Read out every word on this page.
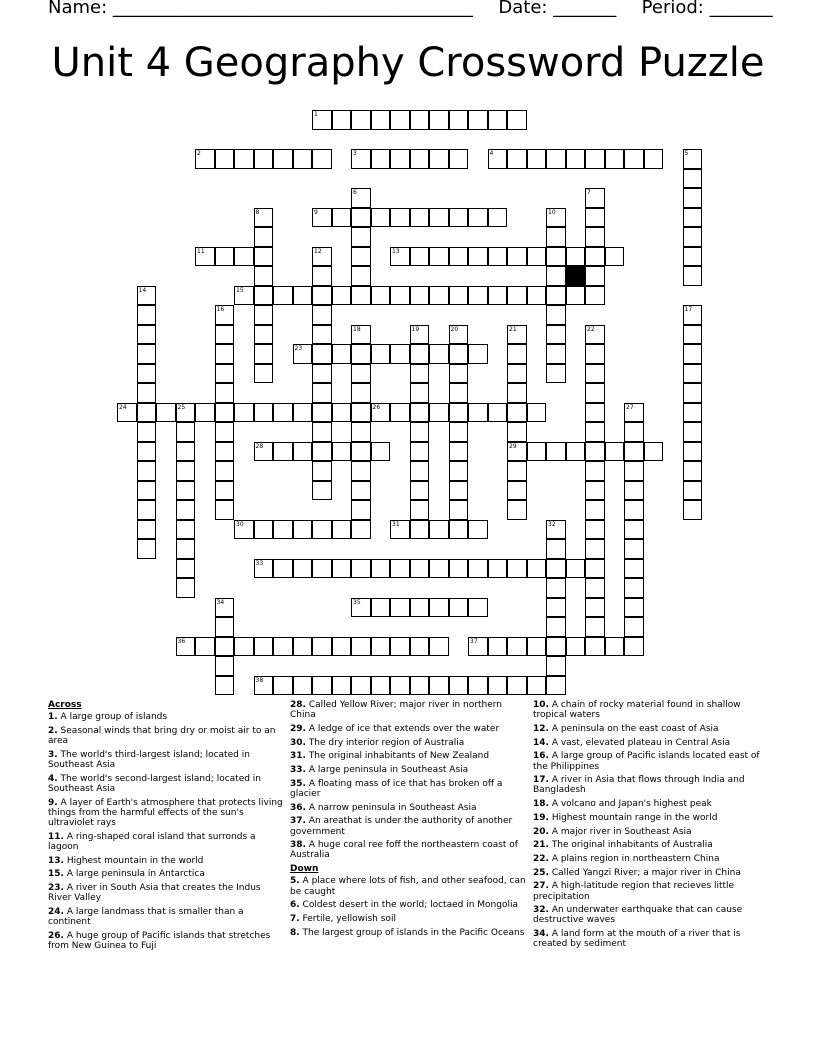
Name: ________________________________________ Date: _______ Period: _______
Unit 4 Geography Crossword Puzzle
1
2	3	4
9
11	13
15
23
24	25	26
28	29
30	31
33
35
36	37
38
5
6	7
8	10
12
14
16	17
18	19	20	21	22
27
32
34
Across
1. A large group of islands
2. Seasonal winds that bring dry or moist air to an area
3. The world's third-largest island; located in Southeast Asia
4. The world's second-largest island; located in Southeast Asia
9. A layer of Earth's atmosphere that protects living things from the harmful effects of the sun's ultraviolet rays
11. A ring-shaped coral island that surronds a lagoon
13. Highest mountain in the world
15. A large peninsula in Antarctica
23. A river in South Asia that creates the Indus River Valley
24. A large landmass that is smaller than a continent
26. A huge group of Pacific islands that stretches from New Guinea to Fuji
28. Called Yellow River; major river in northern China
29. A ledge of ice that extends over the water
30. The dry interior region of Australia
31. The original inhabitants of New Zealand
33. A large peninsula in Southeast Asia
35. A floating mass of ice that has broken off a glacier
36. A narrow peninsula in Southeast Asia
37. An areathat is under the authority of another government
38. A huge coral ree foff the northeastern coast of Australia
Down
5. A place where lots of fish, and other seafood, can be caught
6. Coldest desert in the world; loctaed in Mongolia
7. Fertile, yellowish soil
8. The largest group of islands in the Pacific Oceans
10. A chain of rocky material found in shallow tropical waters
12. A peninsula on the east coast of Asia
14. A vast, elevated plateau in Central Asia
16. A large group of Pacific islands located east of the Philippines
17. A river in Asia that flows through India and Bangladesh
18. A volcano and Japan's highest peak
19. Highest mountain range in the world
20. A major river in Southeast Asia
21. The original inhabitants of Australia
22. A plains region in northeastern China
25. Called Yangzi River; a major river in China
27. A high-latitude region that recieves little precipitation
32. An underwater earthquake that can cause destructive waves
34. A land form at the mouth of a river that is created by sediment
